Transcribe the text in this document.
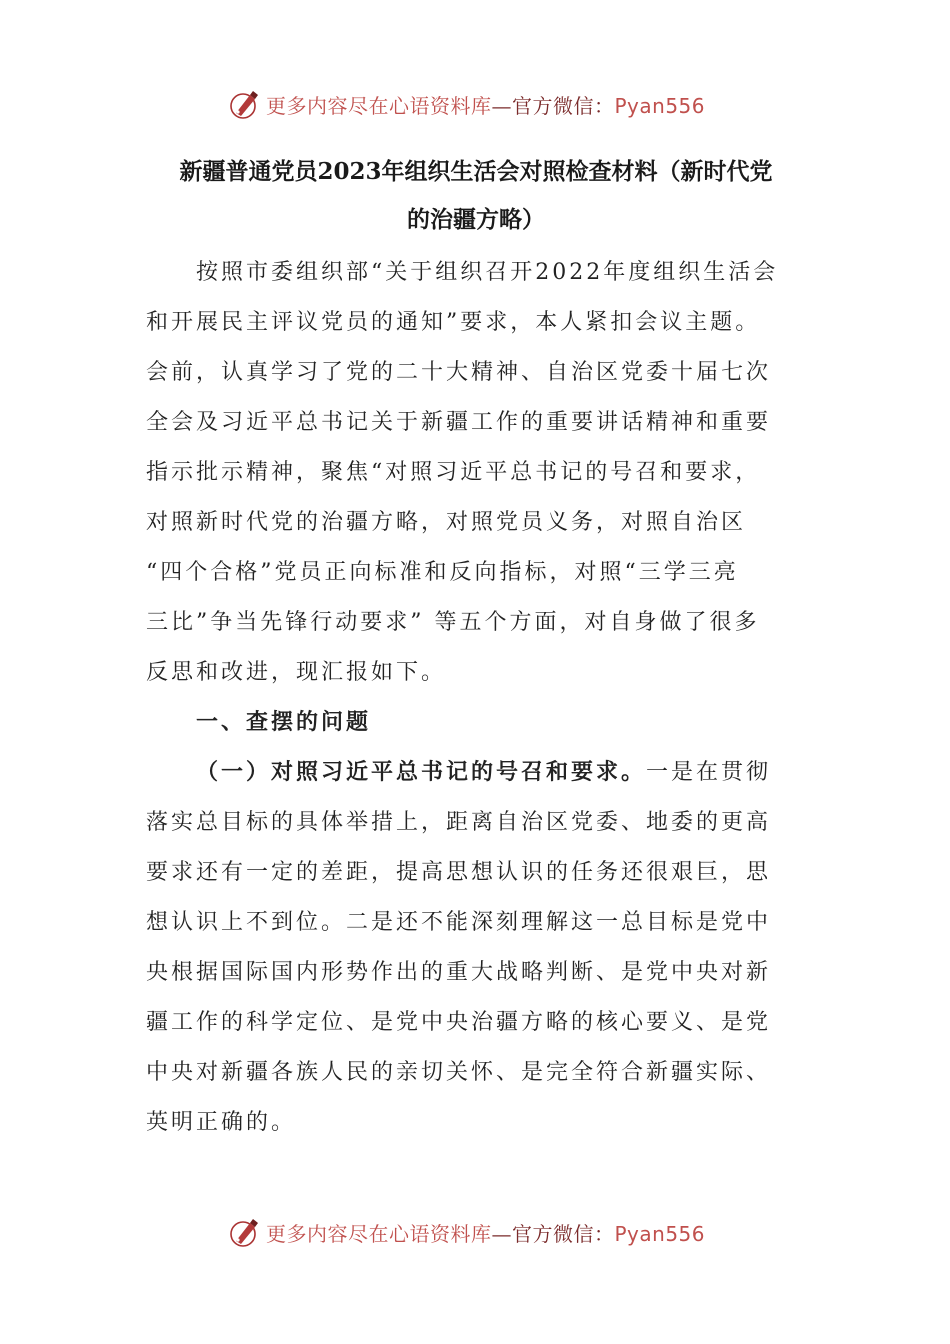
更多内容尽在心语资料库—官方微信：Pyan556
新疆普通党员2023年组织生活会对照检查材料（新时代党
的治疆方略）
按照市委组织部“关于组织召开2022年度组织生活会
和开展民主评议党员的通知”要求，本人紧扣会议主题。
会前，认真学习了党的二十大精神、自治区党委十届七次
全会及习近平总书记关于新疆工作的重要讲话精神和重要
指示批示精神，聚焦“对照习近平总书记的号召和要求，
对照新时代党的治疆方略，对照党员义务，对照自治区
“四个合格”党员正向标准和反向指标，对照“三学三亮
三比”争当先锋行动要求” 等五个方面，对自身做了很多
反思和改进，现汇报如下。
一、查摆的问题
（一）对照习近平总书记的号召和要求。一是在贯彻
落实总目标的具体举措上，距离自治区党委、地委的更高
要求还有一定的差距，提高思想认识的任务还很艰巨，思
想认识上不到位。二是还不能深刻理解这一总目标是党中
央根据国际国内形势作出的重大战略判断、是党中央对新
疆工作的科学定位、是党中央治疆方略的核心要义、是党
中央对新疆各族人民的亲切关怀、是完全符合新疆实际、
英明正确的。
更多内容尽在心语资料库—官方微信：Pyan556
